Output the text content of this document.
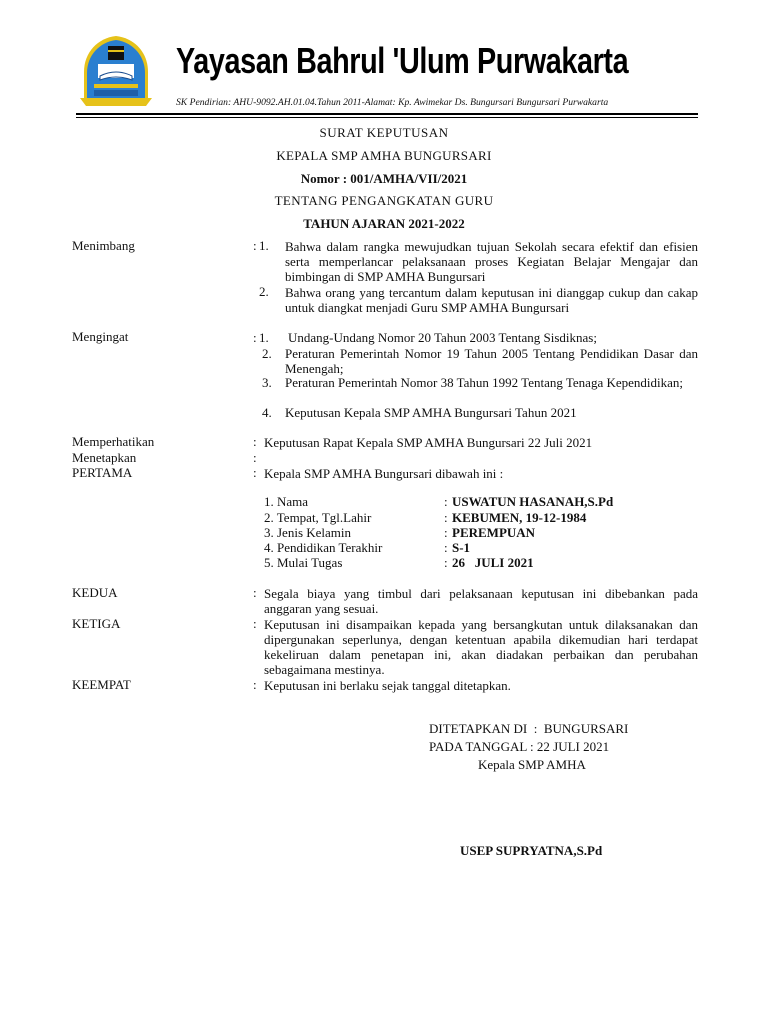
Yayasan Bahrul 'Ulum Purwakarta
SK Pendirian: AHU-9092.AH.01.04.Tahun 2011-Alamat: Kp. Awimekar Ds. Bungursari Bungursari Purwakarta
SURAT KEPUTUSAN
KEPALA SMP AMHA BUNGURSARI
Nomor : 001/AMHA/VII/2021
TENTANG PENGANGKATAN GURU
TAHUN AJARAN 2021-2022
Menimbang	: 1. Bahwa dalam rangka mewujudkan tujuan Sekolah secara efektif dan efisien serta memperlancar pelaksanaan proses Kegiatan Belajar Mengajar dan bimbingan di SMP AMHA Bungursari
2. Bahwa orang yang tercantum dalam keputusan ini dianggap cukup dan cakap untuk diangkat menjadi Guru SMP AMHA Bungursari
Mengingat	: 1. Undang-Undang Nomor 20 Tahun 2003 Tentang Sisdiknas;
2. Peraturan Pemerintah Nomor 19 Tahun 2005 Tentang Pendidikan Dasar dan Menengah;
3. Peraturan Pemerintah Nomor 38 Tahun 1992 Tentang Tenaga Kependidikan;
4. Keputusan Kepala SMP AMHA Bungursari Tahun 2021
Memperhatikan	: Keputusan Rapat Kepala SMP AMHA Bungursari 22 Juli 2021
Menetapkan	:
PERTAMA	: Kepala SMP AMHA Bungursari dibawah ini :
1. Nama	: USWATUN HASANAH,S.Pd
2. Tempat, Tgl.Lahir	: KEBUMEN, 19-12-1984
3. Jenis Kelamin	: PEREMPUAN
4. Pendidikan Terakhir	: S-1
5. Mulai Tugas	: 26   JULI 2021
KEDUA	: Segala biaya yang timbul dari pelaksanaan keputusan ini dibebankan pada anggaran yang sesuai.
KETIGA	: Keputusan ini disampaikan kepada yang bersangkutan untuk dilaksanakan dan dipergunakan seperlunya, dengan ketentuan apabila dikemudian hari terdapat kekeliruan dalam penetapan ini, akan diadakan perbaikan dan perubahan sebagaimana mestinya.
KEEMPAT	: Keputusan ini berlaku sejak tanggal ditetapkan.
DITETAPKAN DI  :  BUNGURSARI
PADA TANGGAL : 22 JULI 2021
Kepala SMP AMHA
USEP SUPRYATNA,S.Pd
